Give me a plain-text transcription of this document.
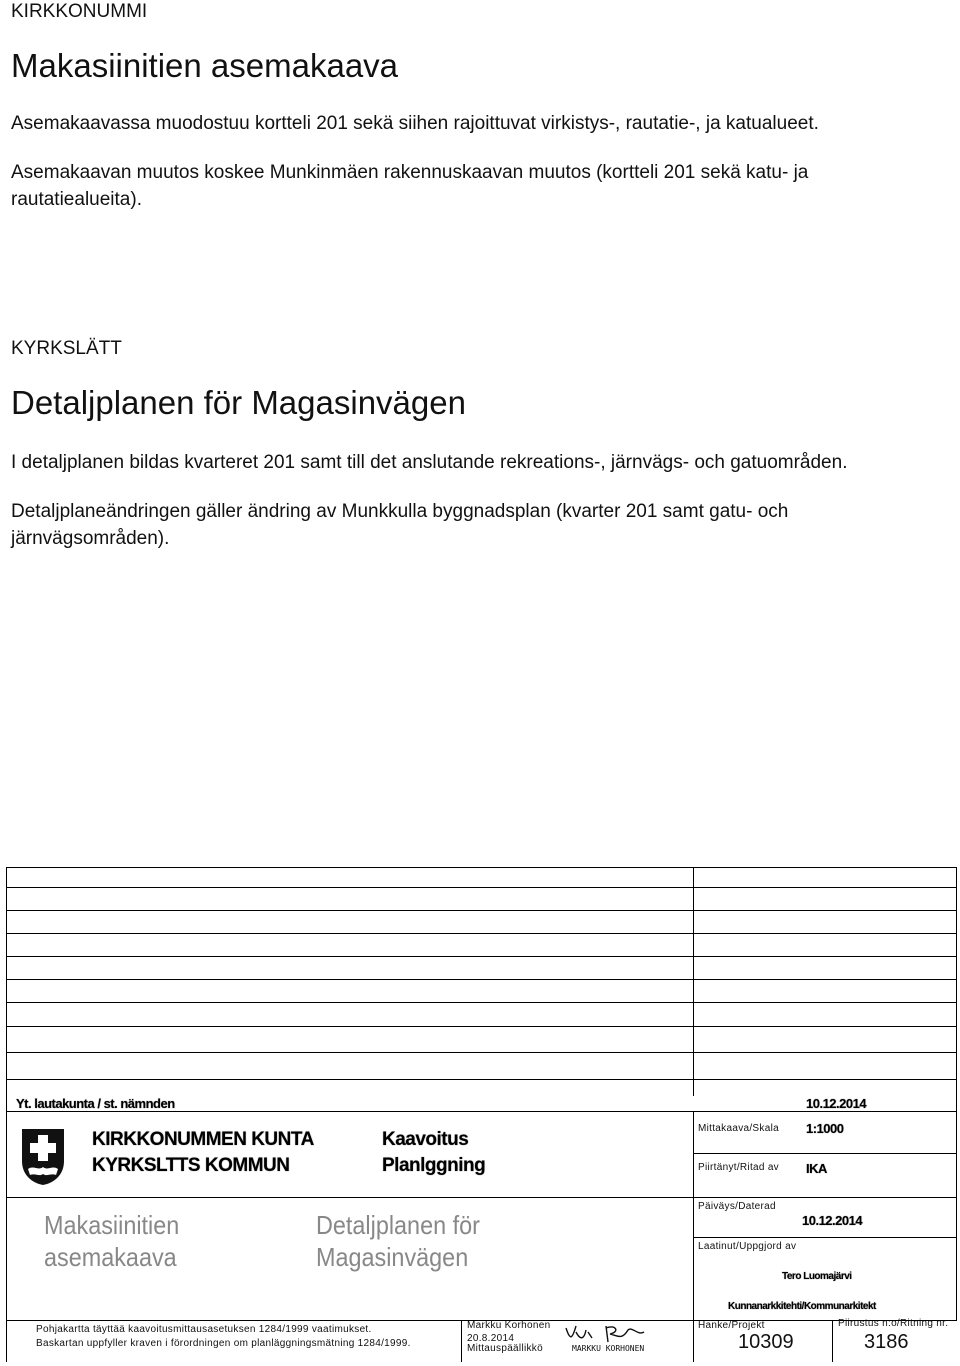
KIRKKONUMMI
Makasiinitien asemakaava
Asemakaavassa muodostuu kortteli 201 sekä siihen rajoittuvat virkistys-, rautatie-, ja katualueet.
Asemakaavan muutos koskee Munkinmäen rakennuskaavan muutos (kortteli 201 sekä katu- ja rautatiealueita).
KYRKSLÄTT
Detaljplanen för Magasinvägen
I detaljplanen bildas kvarteret 201 samt till det anslutande rekreations-, järnvägs- och gatuområden.
Detaljplaneändringen gäller ändring av Munkkulla byggnadsplan (kvarter 201 samt gatu- och järnvägsområden).
Yt. lautakunta / st. nämnden	10.12.2014
KIRKKONUMMEN KUNTA
KYRKSLTTS KOMMUN
Kaavoitus
Planlggning
Mittakaava/Skala 1:1000
Piirtänyt/Ritad av IKA
Päiväys/Daterad
10.12.2014
Laatinut/Uppgjord av
Tero Luomajärvi
Kunnanarkkitehti/Kommunarkitekt
Makasiinitien
asemakaava
Detaljplanen för
Magasinvägen
Pohjakartta täyttää kaavoitusmittausasetuksen 1284/1999 vaatimukset.
Baskartan uppfyller kraven i förordningen om planläggningsmätning 1284/1999.
Markku Korhonen
20.8.2014
Mittauspäällikkö	MARKKU KORHONEN
Hanke/Projekt
10309
Piirustus n:o/Ritning nr.
3186
